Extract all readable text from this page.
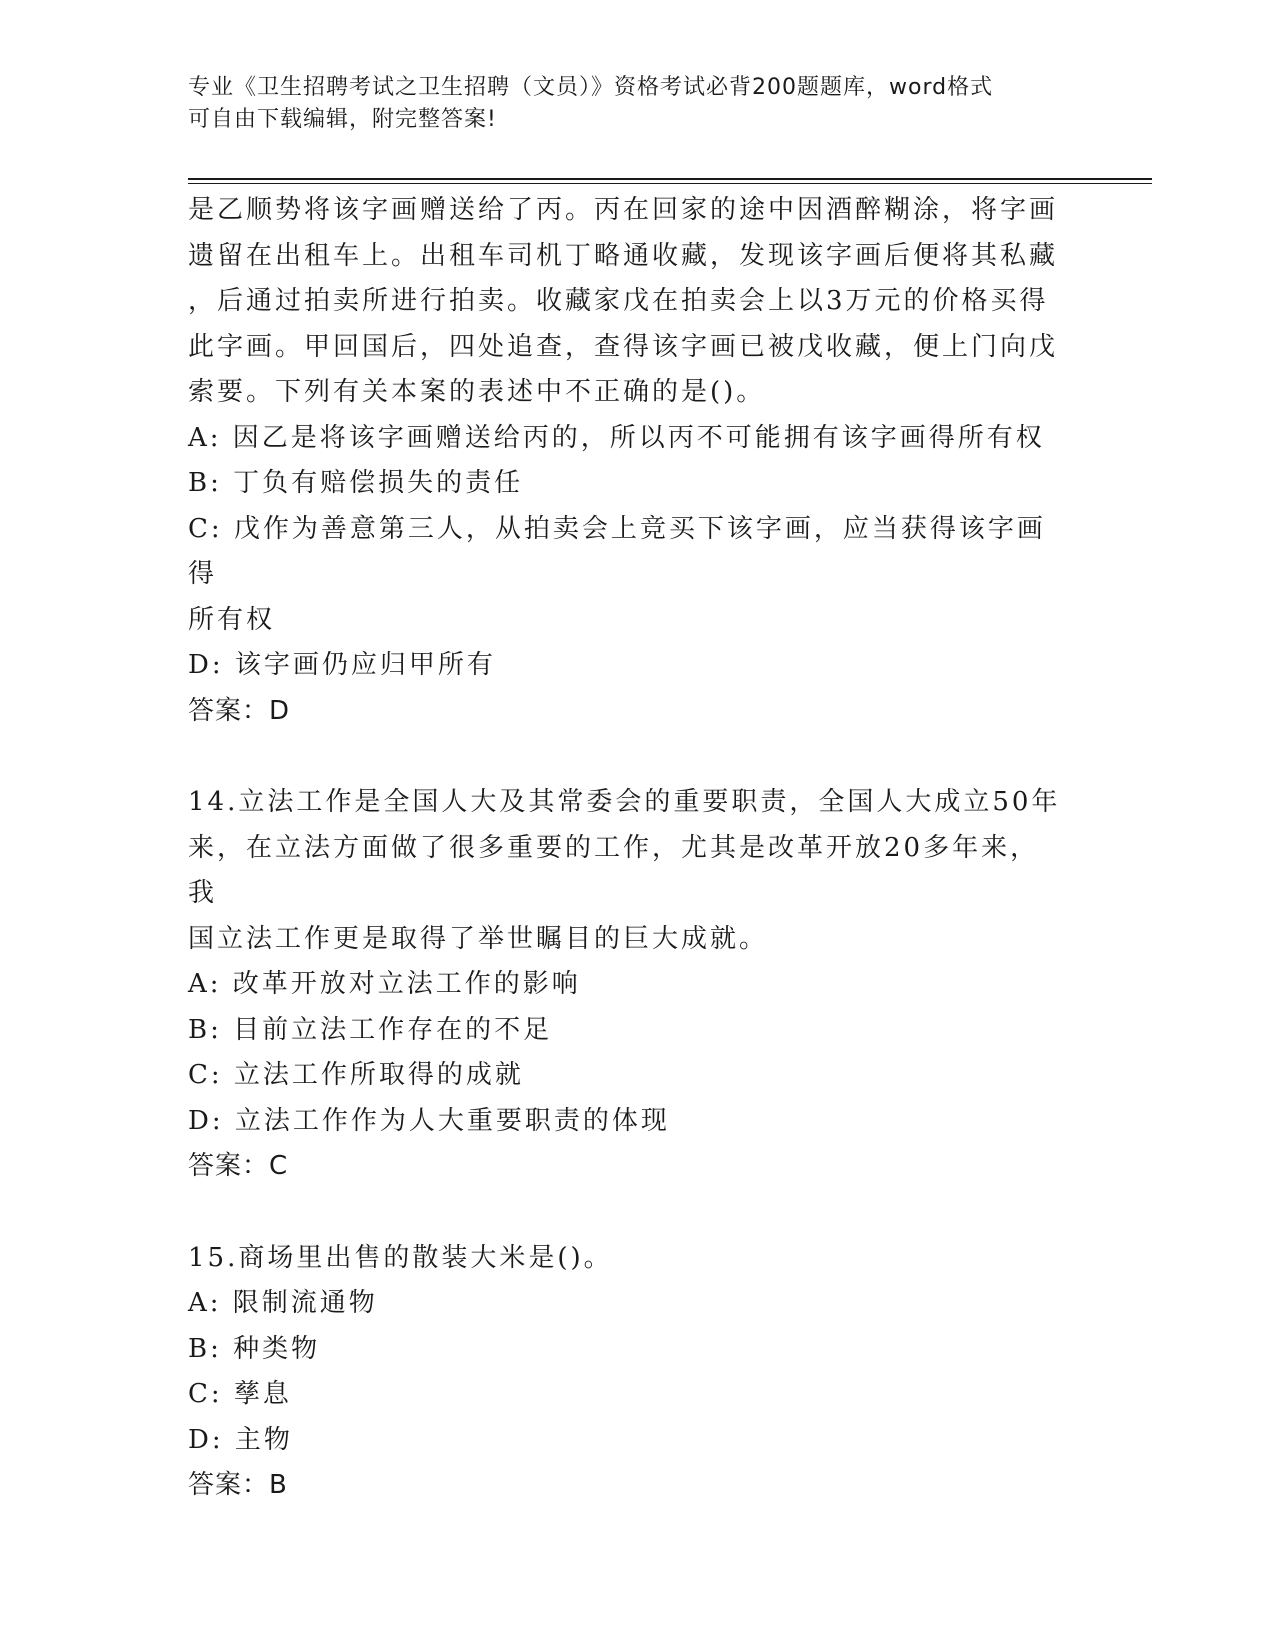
专业《卫生招聘考试之卫生招聘（文员）》资格考试必背200题题库，word格式
可自由下载编辑，附完整答案!

是乙顺势将该字画赠送给了丙。丙在回家的途中因酒醉糊涂，将字画

遗留在出租车上。出租车司机丁略通收藏，发现该字画后便将其私藏

，后通过拍卖所进行拍卖。收藏家戊在拍卖会上以3万元的价格买得

此字画。甲回国后，四处追查，查得该字画已被戊收藏，便上门向戊

索要。下列有关本案的表述中不正确的是()。

A: 因乙是将该字画赠送给丙的，所以丙不可能拥有该字画得所有权

B: 丁负有赔偿损失的责任

C: 戊作为善意第三人，从拍卖会上竞买下该字画，应当获得该字画得

所有权

D: 该字画仍应归甲所有

答案：D

14.立法工作是全国人大及其常委会的重要职责，全国人大成立50年

来，在立法方面做了很多重要的工作，尤其是改革开放20多年来，我

国立法工作更是取得了举世瞩目的巨大成就。

A: 改革开放对立法工作的影响

B: 目前立法工作存在的不足

C: 立法工作所取得的成就

D: 立法工作作为人大重要职责的体现

答案：C

15.商场里出售的散装大米是()。

A: 限制流通物

B: 种类物

C: 孳息

D: 主物

答案：B
